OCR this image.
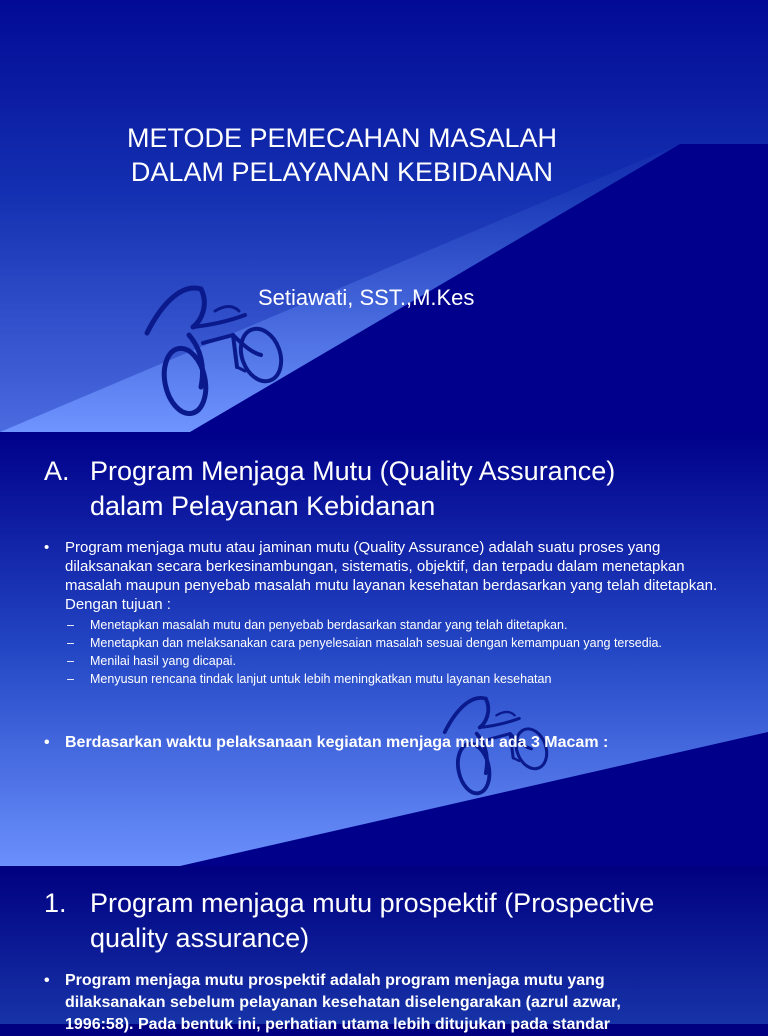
METODE PEMECAHAN MASALAH
DALAM PELAYANAN KEBIDANAN

Setiawati, SST.,M.Kes

A. Program Menjaga Mutu (Quality Assurance)
dalam Pelayanan Kebidanan
• Program menjaga mutu atau jaminan mutu (Quality Assurance) adalah suatu proses yang dilaksanakan secara berkesinambungan, sistematis, objektif, dan terpadu dalam menetapkan masalah maupun penyebab masalah mutu layanan kesehatan berdasarkan yang telah ditetapkan. Dengan tujuan :
– Menetapkan masalah mutu dan penyebab berdasarkan standar yang telah ditetapkan.
– Menetapkan dan melaksanakan cara penyelesaian masalah sesuai dengan kemampuan yang tersedia.
– Menilai hasil yang dicapai.
– Menyusun rencana tindak lanjut untuk lebih meningkatkan mutu layanan kesehatan
• Berdasarkan waktu pelaksanaan kegiatan menjaga mutu ada 3 Macam :
1. Program menjaga mutu prospektif (Prospective
quality assurance)
• Program menjaga mutu prospektif adalah program menjaga mutu yang
dilaksanakan sebelum pelayanan kesehatan diselengarakan (azrul azwar,
1996:58). Pada bentuk ini, perhatian utama lebih ditujukan pada standar
